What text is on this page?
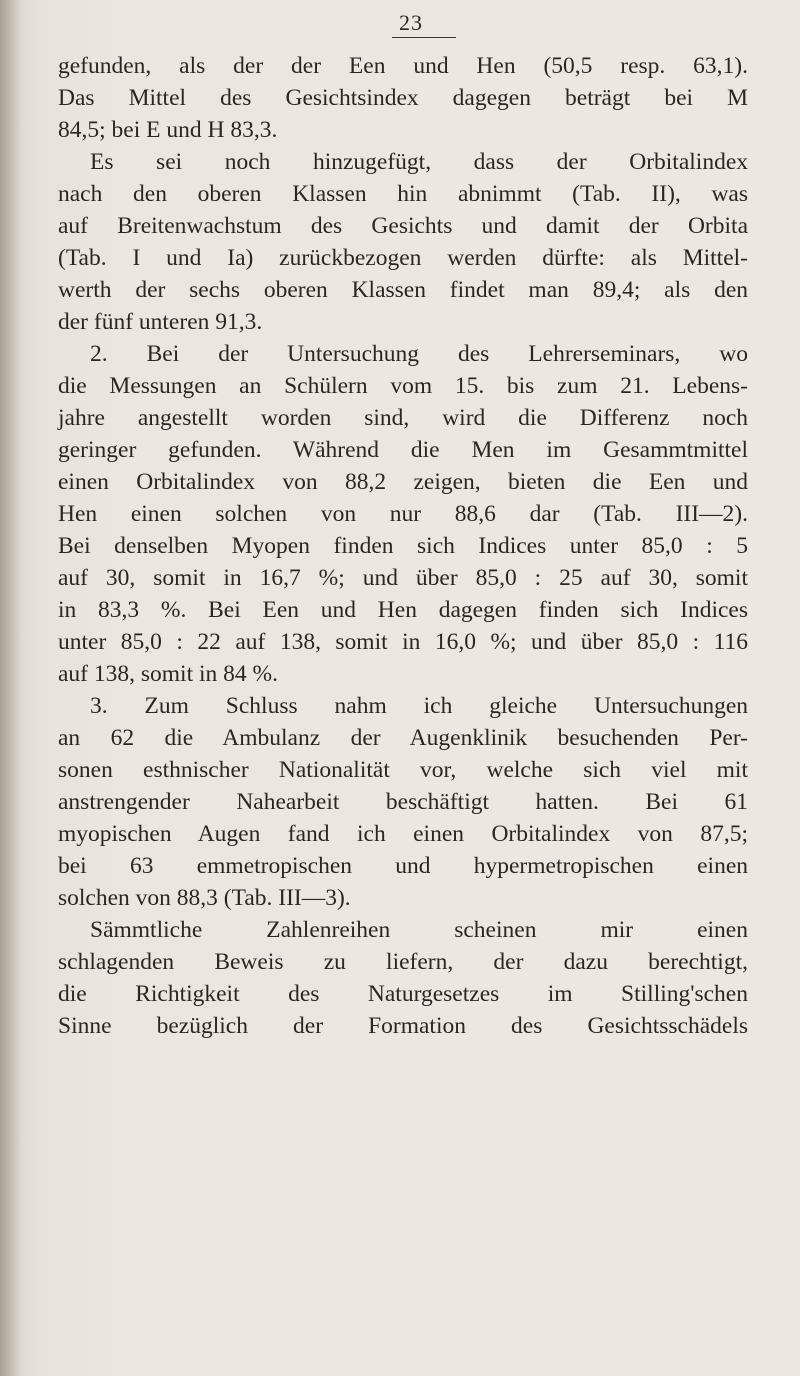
23
gefunden, als der der Een und Hen (50,5 resp. 63,1).
Das Mittel des Gesichtsindex dagegen beträgt bei M
84,5; bei E und H 83,3.
Es sei noch hinzugefügt, dass der Orbitalindex
nach den oberen Klassen hin abnimmt (Tab. II), was
auf Breitenwachstum des Gesichts und damit der Orbita
(Tab. I und Ia) zurückbezogen werden dürfte: als Mittel-
werth der sechs oberen Klassen findet man 89,4; als den
der fünf unteren 91,3.
2. Bei der Untersuchung des Lehrerseminars, wo
die Messungen an Schülern vom 15. bis zum 21. Lebens-
jahre angestellt worden sind, wird die Differenz noch
geringer gefunden. Während die Men im Gesammtmittel
einen Orbitalindex von 88,2 zeigen, bieten die Een und
Hen einen solchen von nur 88,6 dar (Tab. III—2).
Bei denselben Myopen finden sich Indices unter 85,0 : 5
auf 30, somit in 16,7 %; und über 85,0 : 25 auf 30, somit
in 83,3 %. Bei Een und Hen dagegen finden sich Indices
unter 85,0 : 22 auf 138, somit in 16,0 %; und über 85,0 : 116
auf 138, somit in 84 %.
3. Zum Schluss nahm ich gleiche Untersuchungen
an 62 die Ambulanz der Augenklinik besuchenden Per-
sonen esthnischer Nationalität vor, welche sich viel mit
anstrengender Nahearbeit beschäftigt hatten. Bei 61
myopischen Augen fand ich einen Orbitalindex von 87,5;
bei 63 emmetropischen und hypermetropischen einen
solchen von 88,3 (Tab. III—3).
Sämmtliche Zahlenreihen scheinen mir einen
schlagenden Beweis zu liefern, der dazu berechtigt,
die Richtigkeit des Naturgesetzes im Stilling'schen
Sinne bezüglich der Formation des Gesichtsschädels
